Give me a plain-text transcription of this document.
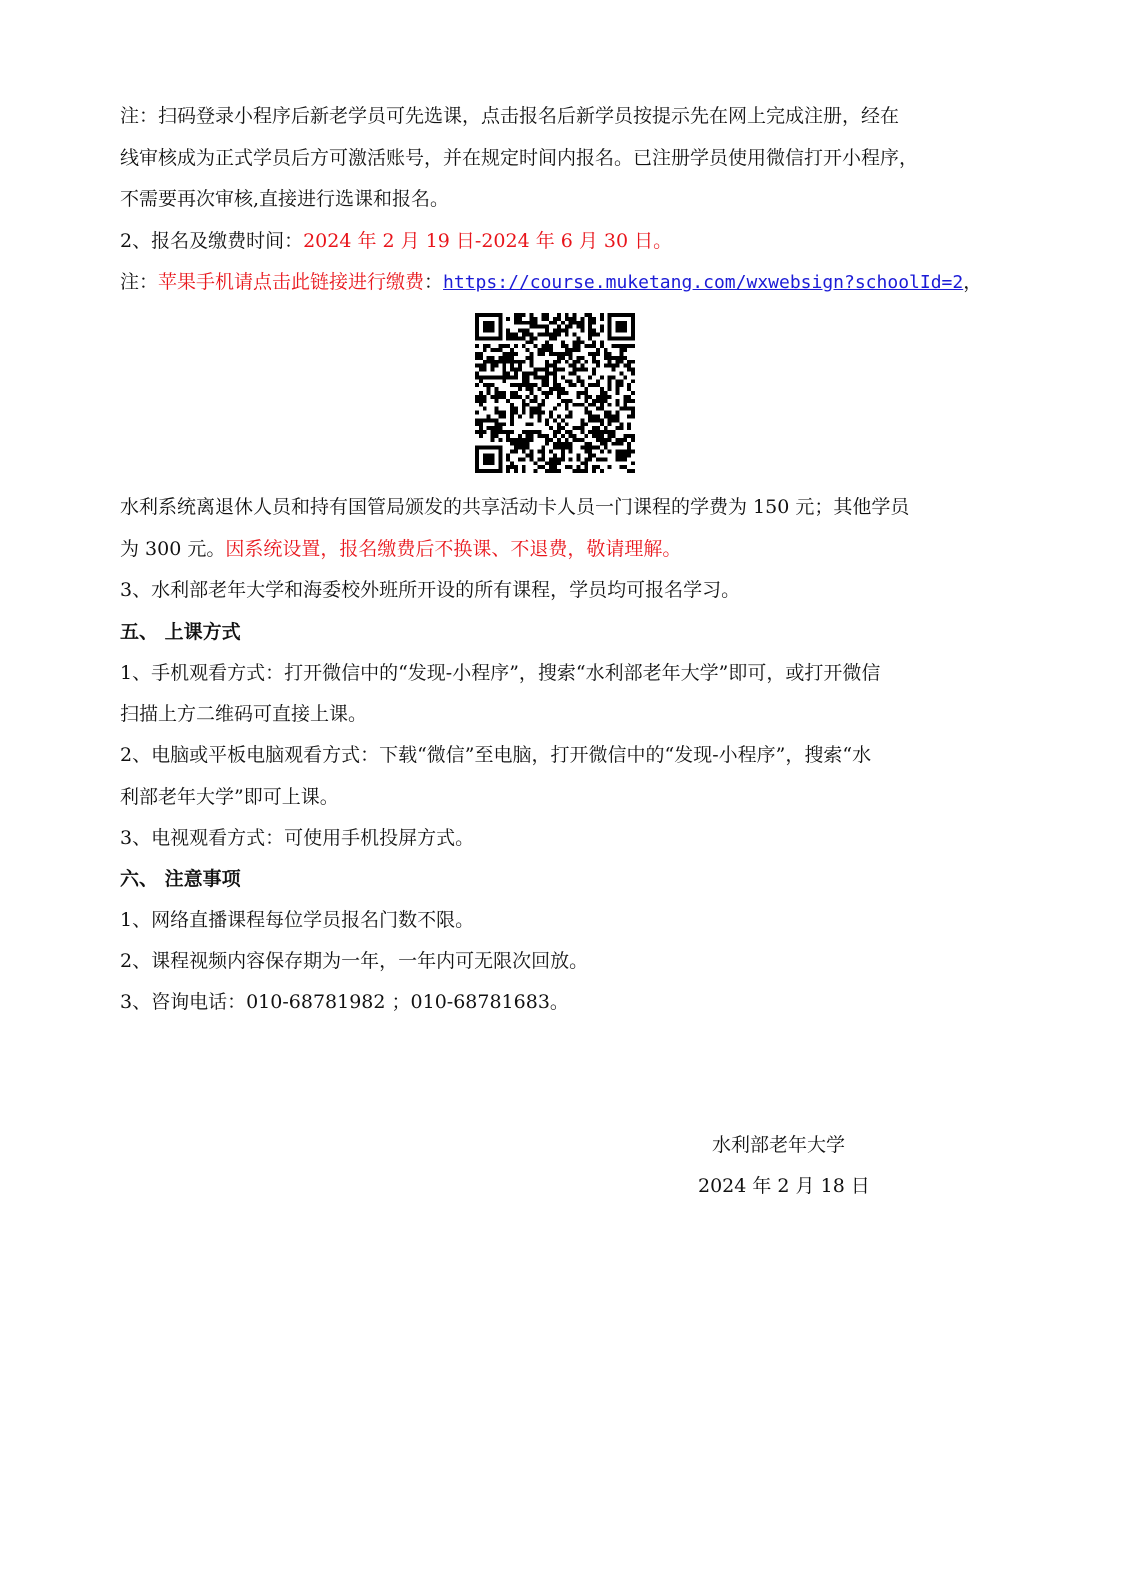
注：扫码登录小程序后新老学员可先选课，点击报名后新学员按提示先在网上完成注册，经在
线审核成为正式学员后方可激活账号，并在规定时间内报名。已注册学员使用微信打开小程序，
不需要再次审核,直接进行选课和报名。
2、报名及缴费时间：2024 年 2 月 19 日-2024 年 6 月 30 日。
注：苹果手机请点击此链接进行缴费：https://course.muketang.com/wxwebsign?schoolId=2，
水利系统离退休人员和持有国管局颁发的共享活动卡人员一门课程的学费为 150 元；其他学员
为 300 元。因系统设置，报名缴费后不换课、不退费，敬请理解。
3、水利部老年大学和海委校外班所开设的所有课程，学员均可报名学习。
五、 上课方式
1、手机观看方式：打开微信中的“发现-小程序”，搜索“水利部老年大学”即可，或打开微信
扫描上方二维码可直接上课。
2、电脑或平板电脑观看方式：下载“微信”至电脑，打开微信中的“发现-小程序”，搜索“水
利部老年大学”即可上课。
3、电视观看方式：可使用手机投屏方式。
六、 注意事项
1、网络直播课程每位学员报名门数不限。
2、课程视频内容保存期为一年，一年内可无限次回放。
3、咨询电话：010-68781982 ；010-68781683。
水利部老年大学
2024 年 2 月 18 日
